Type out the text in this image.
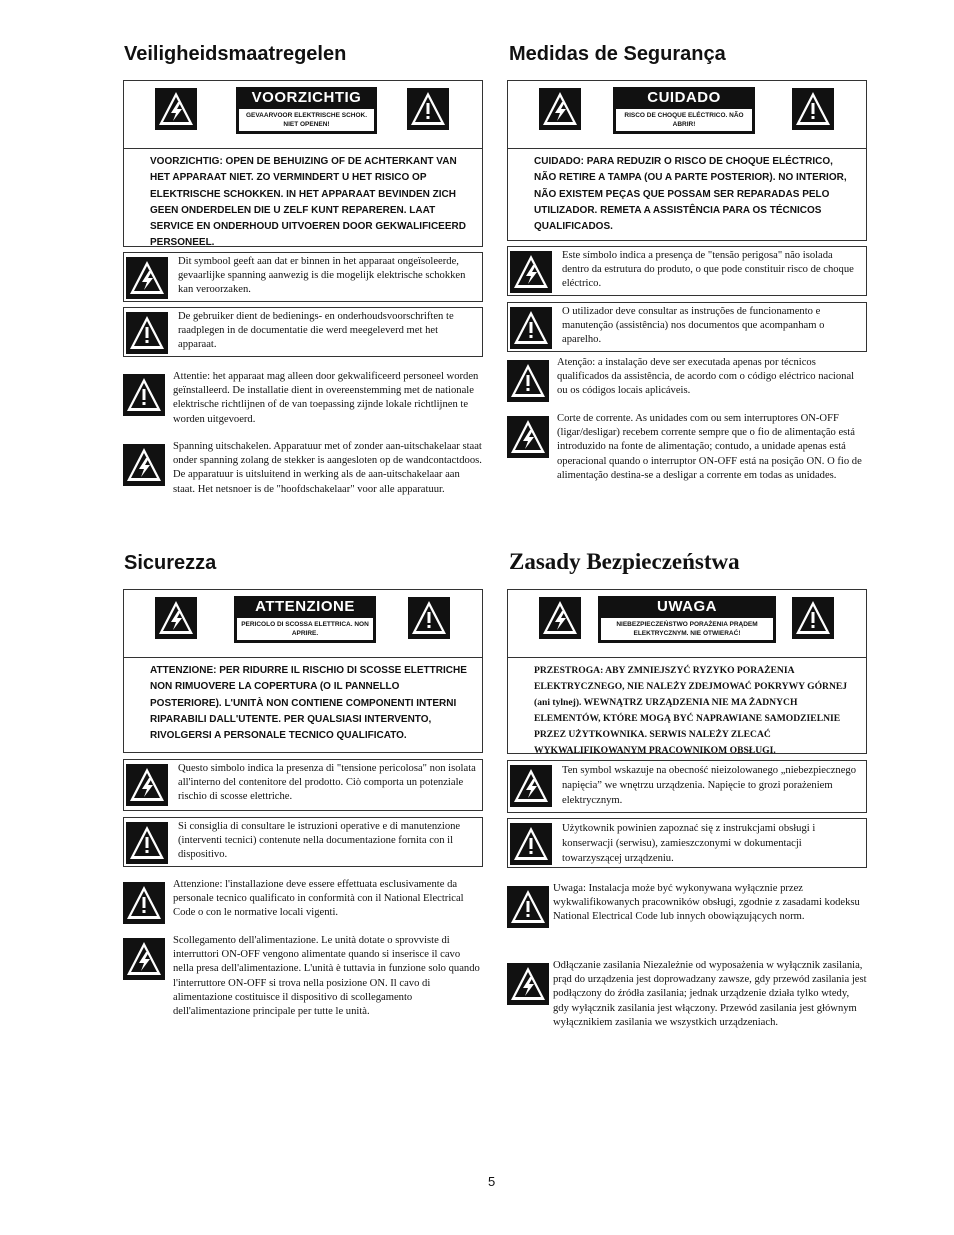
Veiligheidsmaatregelen
VOORZICHTIG
GEVAARVOOR ELEKTRISCHE SCHOK. NIET OPENEN!
VOORZICHTIG: OPEN DE BEHUIZING OF DE ACHTERKANT VAN HET APPARAAT NIET. ZO VERMINDERT U HET RISICO OP ELEKTRISCHE SCHOKKEN. IN HET APPARAAT BEVINDEN ZICH GEEN ONDERDELEN DIE U ZELF KUNT REPAREREN. LAAT SERVICE EN ONDERHOUD UITVOEREN DOOR GEKWALIFICEERD PERSONEEL.
Dit symbool geeft aan dat er binnen in het apparaat ongeïsoleerde, gevaarlijke spanning aanwezig is die mogelijk elektrische schokken kan veroorzaken.
De gebruiker dient de bedienings- en onderhoudsvoorschriften te raadplegen in de documentatie die werd meegeleverd met het apparaat.
Attentie: het apparaat mag alleen door gekwalificeerd personeel worden geïnstalleerd. De installatie dient in overeenstemming met de nationale elektrische richtlijnen of de van toepassing zijnde lokale richtlijnen te worden uitgevoerd.
Spanning uitschakelen. Apparatuur met of zonder aan-uitschakelaar staat onder spanning zolang de stekker is aangesloten op de wandcontactdoos. De apparatuur is uitsluitend in werking als de aan-uitschakelaar aan staat. Het netsnoer is de "hoofdschakelaar" voor alle apparatuur.
Medidas de Segurança
CUIDADO
RISCO DE CHOQUE ELÉCTRICO. NÃO ABRIR!
CUIDADO: PARA REDUZIR O RISCO DE CHOQUE ELÉCTRICO, NÃO RETIRE A TAMPA (OU A PARTE POSTERIOR). NO INTERIOR, NÃO EXISTEM PEÇAS QUE POSSAM SER REPARADAS PELO UTILIZADOR. REMETA A ASSISTÊNCIA PARA OS TÉCNICOS QUALIFICADOS.
Este símbolo indica a presença de "tensão perigosa" não isolada dentro da estrutura do produto, o que pode constituir risco de choque eléctrico.
O utilizador deve consultar as instruções de funcionamento e manutenção (assistência) nos documentos que acompanham o aparelho.
Atenção: a instalação deve ser executada apenas por técnicos qualificados da assistência, de acordo com o código eléctrico nacional ou os códigos locais aplicáveis.
Corte de corrente. As unidades com ou sem interruptores ON-OFF (ligar/desligar) recebem corrente sempre que o fio de alimentação está introduzido na fonte de alimentação; contudo, a unidade apenas está operacional quando o interruptor ON-OFF está na posição ON. O fio de alimentação destina-se a desligar a corrente em todas as unidades.
Sicurezza
ATTENZIONE
PERICOLO DI SCOSSA ELETTRICA. NON APRIRE.
ATTENZIONE: PER RIDURRE IL RISCHIO DI SCOSSE ELETTRICHE NON RIMUOVERE LA COPERTURA (O IL PANNELLO POSTERIORE). L'UNITÀ NON CONTIENE COMPONENTI INTERNI RIPARABILI DALL'UTENTE. PER QUALSIASI INTERVENTO, RIVOLGERSI A PERSONALE TECNICO QUALIFICATO.
Questo simbolo indica la presenza di "tensione pericolosa" non isolata all'interno del contenitore del prodotto. Ciò comporta un potenziale rischio di scosse elettriche.
Si consiglia di consultare le istruzioni operative e di manutenzione (interventi tecnici) contenute nella documentazione fornita con il dispositivo.
Attenzione: l'installazione deve essere effettuata esclusivamente da personale tecnico qualificato in conformità con il National Electrical Code o con le normative locali vigenti.
Scollegamento dell'alimentazione. Le unità dotate o sprovviste di interruttori ON-OFF vengono alimentate quando si inserisce il cavo nella presa dell'alimentazione. L'unità è tuttavia in funzione solo quando l'interruttore ON-OFF si trova nella posizione ON. Il cavo di alimentazione costituisce il dispositivo di scollegamento dell'alimentazione principale per tutte le unità.
Zasady Bezpieczeństwa
UWAGA
NIEBEZPIECZEŃSTWO PORAŻENIA PRĄDEM ELEKTRYCZNYM. NIE OTWIERAĆ!
PRZESTROGA: ABY ZMNIEJSZYĆ RYZYKO PORAŻENIA ELEKTRYCZNEGO, NIE NALEŻY ZDEJMOWAĆ POKRYWY GÓRNEJ (ani tylnej). WEWNĄTRZ URZĄDZENIA NIE MA ŻADNYCH ELEMENTÓW, KTÓRE MOGĄ BYĆ NAPRAWIANE SAMODZIELNIE PRZEZ UŻYTKOWNIKA. SERWIS NALEŻY ZLECAĆ WYKWALIFIKOWANYM PRACOWNIKOM OBSŁUGI.
Ten symbol wskazuje na obecność nieizolowanego „niebezpiecznego napięcia” we wnętrzu urządzenia. Napięcie to grozi porażeniem elektrycznym.
Użytkownik powinien zapoznać się z instrukcjami obsługi i konserwacji (serwisu), zamieszczonymi w dokumentacji towarzyszącej urządzeniu.
Uwaga: Instalacja może być wykonywana wyłącznie przez wykwalifikowanych pracowników obsługi, zgodnie z zasadami kodeksu National Electrical Code lub innych obowiązujących norm.
Odłączanie zasilania Niezależnie od wyposażenia w wyłącznik zasilania, prąd do urządzenia jest doprowadzany zawsze, gdy przewód zasilania jest podłączony do źródła zasilania; jednak urządzenie działa tylko wtedy, gdy wyłącznik zasilania jest włączony. Przewód zasilania jest głównym wyłącznikiem zasilania we wszystkich urządzeniach.
5
